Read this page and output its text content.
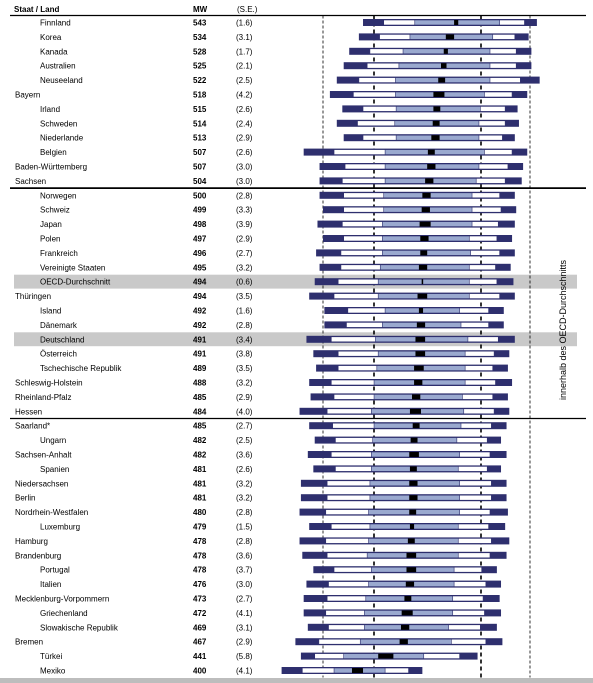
Finnland	543	(1.6)
Korea	534	(3.1)
Kanada	528	(1.7)
Australien	525	(2.1)
Neuseeland	522	(2.5)
Bayern	518	(4.2)
Irland	515	(2.6)
Schweden	514	(2.4)
Niederlande	513	(2.9)
Belgien	507	(2.6)
Baden-Württemberg	507	(3.0)
Sachsen	504	(3.0)
Norwegen	500	(2.8)
Schweiz	499	(3.3)
Japan	498	(3.9)
Polen	497	(2.9)
Frankreich	496	(2.7)
Vereinigte Staaten	495	(3.2)
OECD-Durchschnitt	494	(0.6)
Thüringen	494	(3.5)
Island	492	(1.6)
Dänemark	492	(2.8)
Deutschland	491	(3.4)
Österreich	491	(3.8)
Tschechische Republik	489	(3.5)
Schleswig-Holstein	488	(3.2)
Rheinland-Pfalz	485	(2.9)
Hessen	484	(4.0)
Saarland*	485	(2.7)
Ungarn	482	(2.5)
Sachsen-Anhalt	482	(3.6)
Spanien	481	(2.6)
Niedersachsen	481	(3.2)
Berlin	481	(3.2)
Nordrhein-Westfalen	480	(2.8)
Luxemburg	479	(1.5)
Hamburg	478	(2.8)
Brandenburg	478	(3.6)
Portugal	478	(3.7)
Italien	476	(3.0)
Mecklenburg-Vorpommern	473	(2.7)
Griechenland	472	(4.1)
Slowakische Republik	469	(3.1)
Bremen	467	(2.9)
Türkei	441	(5.8)
Mexiko	400	(4.1)
Staat / Land	MW	(S.E.)
innerhalb des OECD-Durchschnitts
